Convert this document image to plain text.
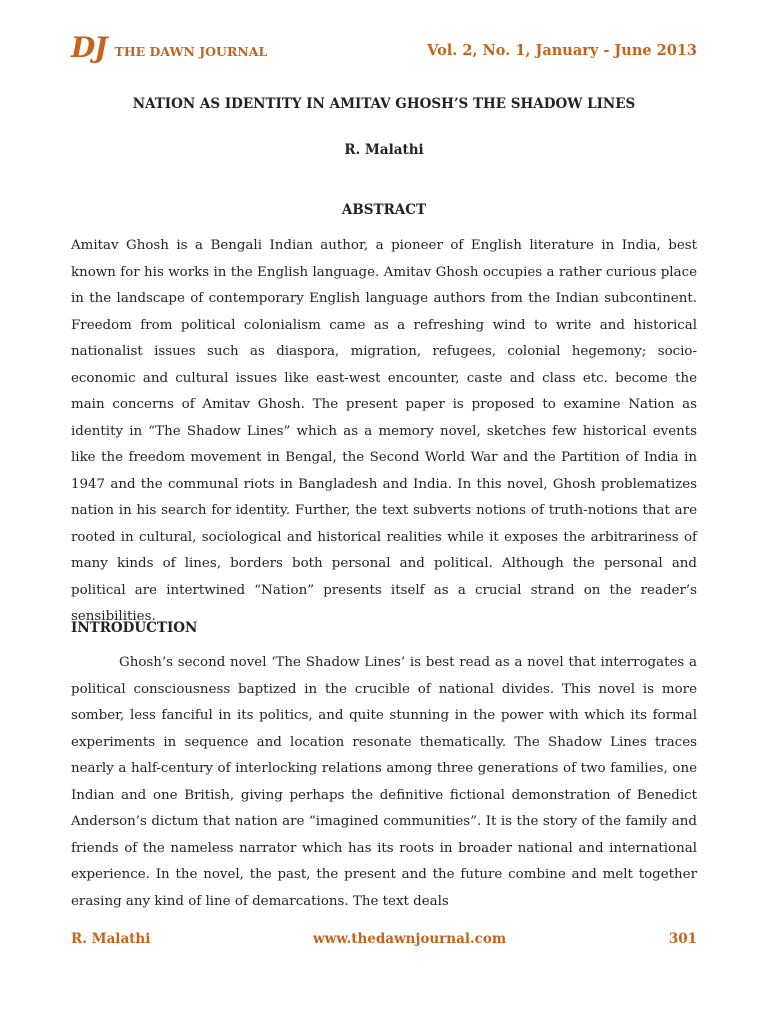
DJ THE DAWN JOURNAL	Vol. 2, No. 1, January - June 2013
NATION AS IDENTITY IN AMITAV GHOSH’S THE SHADOW LINES
R. Malathi
ABSTRACT
Amitav Ghosh is a Bengali Indian author, a pioneer of English literature in India, best known for his works in the English language. Amitav Ghosh occupies a rather curious place in the landscape of contemporary English language authors from the Indian subcontinent. Freedom from political colonialism came as a refreshing wind to write and historical nationalist issues such as diaspora, migration, refugees, colonial hegemony; socio-economic and cultural issues like east-west encounter, caste and class etc. become the main concerns of Amitav Ghosh. The present paper is proposed to examine Nation as identity in “The Shadow Lines” which as a memory novel, sketches few historical events like the freedom movement in Bengal, the Second World War and the Partition of India in 1947 and the communal riots in Bangladesh and India. In this novel, Ghosh problematizes nation in his search for identity. Further, the text subverts notions of truth-notions that are rooted in cultural, sociological and historical realities while it exposes the arbitrariness of many kinds of lines, borders both personal and political. Although the personal and political are intertwined “Nation” presents itself as a crucial strand on the reader’s sensibilities.
INTRODUCTION
Ghosh’s second novel ‘The Shadow Lines’ is best read as a novel that interrogates a political consciousness baptized in the crucible of national divides. This novel is more somber, less fanciful in its politics, and quite stunning in the power with which its formal experiments in sequence and location resonate thematically. The Shadow Lines traces nearly a half-century of interlocking relations among three generations of two families, one Indian and one British, giving perhaps the definitive fictional demonstration of Benedict Anderson’s dictum that nation are “imagined communities”. It is the story of the family and friends of the nameless narrator which has its roots in broader national and international experience. In the novel, the past, the present and the future combine and melt together erasing any kind of line of demarcations. The text deals
R. Malathi	www.thedawnjournal.com	301
